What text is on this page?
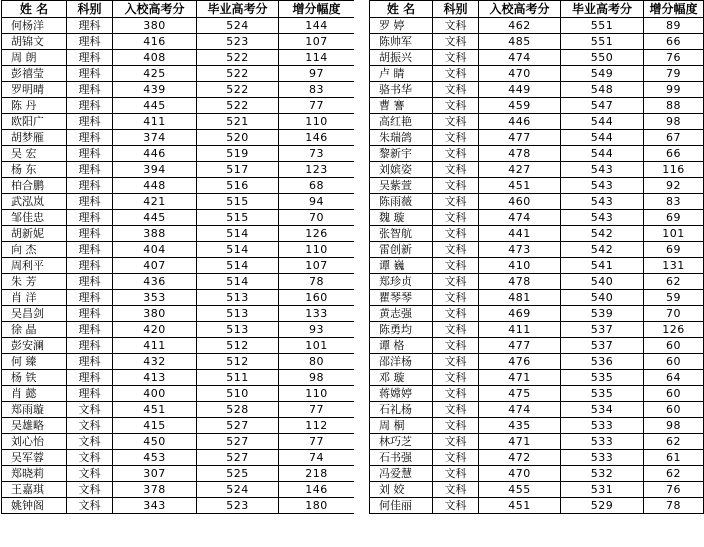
姓 名	科别	入校高考分	毕业高考分	增分幅度
何杨洋	理科	380	524	144
胡锦文	理科	416	523	107
周 朗	理科	408	522	114
彭禧莹	理科	425	522	97
罗明晴	理科	439	522	83
陈 丹	理科	445	522	77
欧阳广	理科	411	521	110
胡梦雁	理科	374	520	146
吴 宏	理科	446	519	73
杨 东	理科	394	517	123
柏合鹏	理科	448	516	68
武泓岚	理科	421	515	94
邹佳忠	理科	445	515	70
胡新妮	理科	388	514	126
向 杰	理科	404	514	110
周利平	理科	407	514	107
朱 芳	理科	436	514	78
肖 洋	理科	353	513	160
吴昌剑	理科	380	513	133
徐 晶	理科	420	513	93
彭安澜	理科	411	512	101
何 臻	理科	432	512	80
杨 铁	理科	413	511	98
肖 懿	理科	400	510	110
郑雨璇	文科	451	528	77
吴雄略	文科	415	527	112
刘心怡	文科	450	527	77
吴军蓉	文科	453	527	74
郑晓莉	文科	307	525	218
王嘉琪	文科	378	524	146
姚钟阁	文科	343	523	180
姓 名	科别	入校高考分	毕业高考分	增分幅度
罗 婷	文科	462	551	89
陈帅军	文科	485	551	66
胡振兴	文科	474	550	76
卢 睛	文科	470	549	79
骆书华	文科	449	548	99
曹 謇	文科	459	547	88
高红艳	文科	446	544	98
朱瑞鸽	文科	477	544	67
黎新宇	文科	478	544	66
刘嫔姿	文科	427	543	116
吴紫萱	文科	451	543	92
陈雨薇	文科	460	543	83
魏 璇	文科	474	543	69
张智航	文科	441	542	101
雷创新	文科	473	542	69
谭 巍	文科	410	541	131
郑珍贞	文科	478	540	62
瞿琴琴	文科	481	540	59
黄志强	文科	469	539	70
陈勇均	文科	411	537	126
谭 格	文科	477	537	60
邵洋杨	文科	476	536	60
邓 璇	文科	471	535	64
蒋嫦婷	文科	475	535	60
石礼杨	文科	474	534	60
周 桐	文科	435	533	98
林巧芝	文科	471	533	62
石书强	文科	472	533	61
冯爱慧	文科	470	532	62
刘 姣	文科	455	531	76
何佳丽	文科	451	529	78
